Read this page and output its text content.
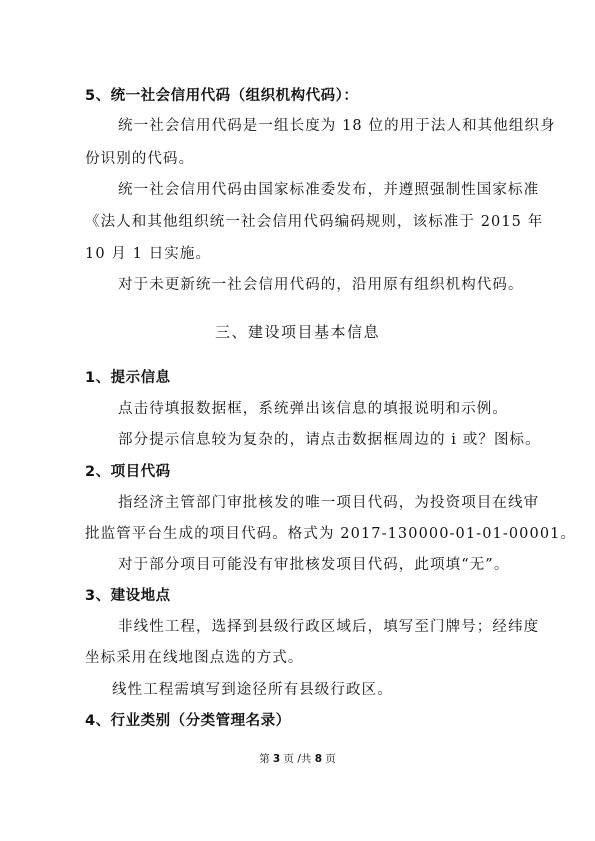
5、统一社会信用代码（组织机构代码）：
统一社会信用代码是一组长度为 18 位的用于法人和其他组织身
份识别的代码。
统一社会信用代码由国家标准委发布，并遵照强制性国家标准
《法人和其他组织统一社会信用代码编码规则，该标准于 2015 年
10 月 1 日实施。
对于未更新统一社会信用代码的，沿用原有组织机构代码。
三、建设项目基本信息
1、提示信息
点击待填报数据框，系统弹出该信息的填报说明和示例。
部分提示信息较为复杂的，请点击数据框周边的 i 或？图标。
2、项目代码
指经济主管部门审批核发的唯一项目代码，为投资项目在线审
批监管平台生成的项目代码。格式为 2017-130000-01-01-00001。
对于部分项目可能没有审批核发项目代码，此项填“无”。
3、建设地点
非线性工程，选择到县级行政区域后，填写至门牌号；经纬度
坐标采用在线地图点选的方式。
线性工程需填写到途径所有县级行政区。
4、行业类别（分类管理名录）
第 3 页 /共 8 页
